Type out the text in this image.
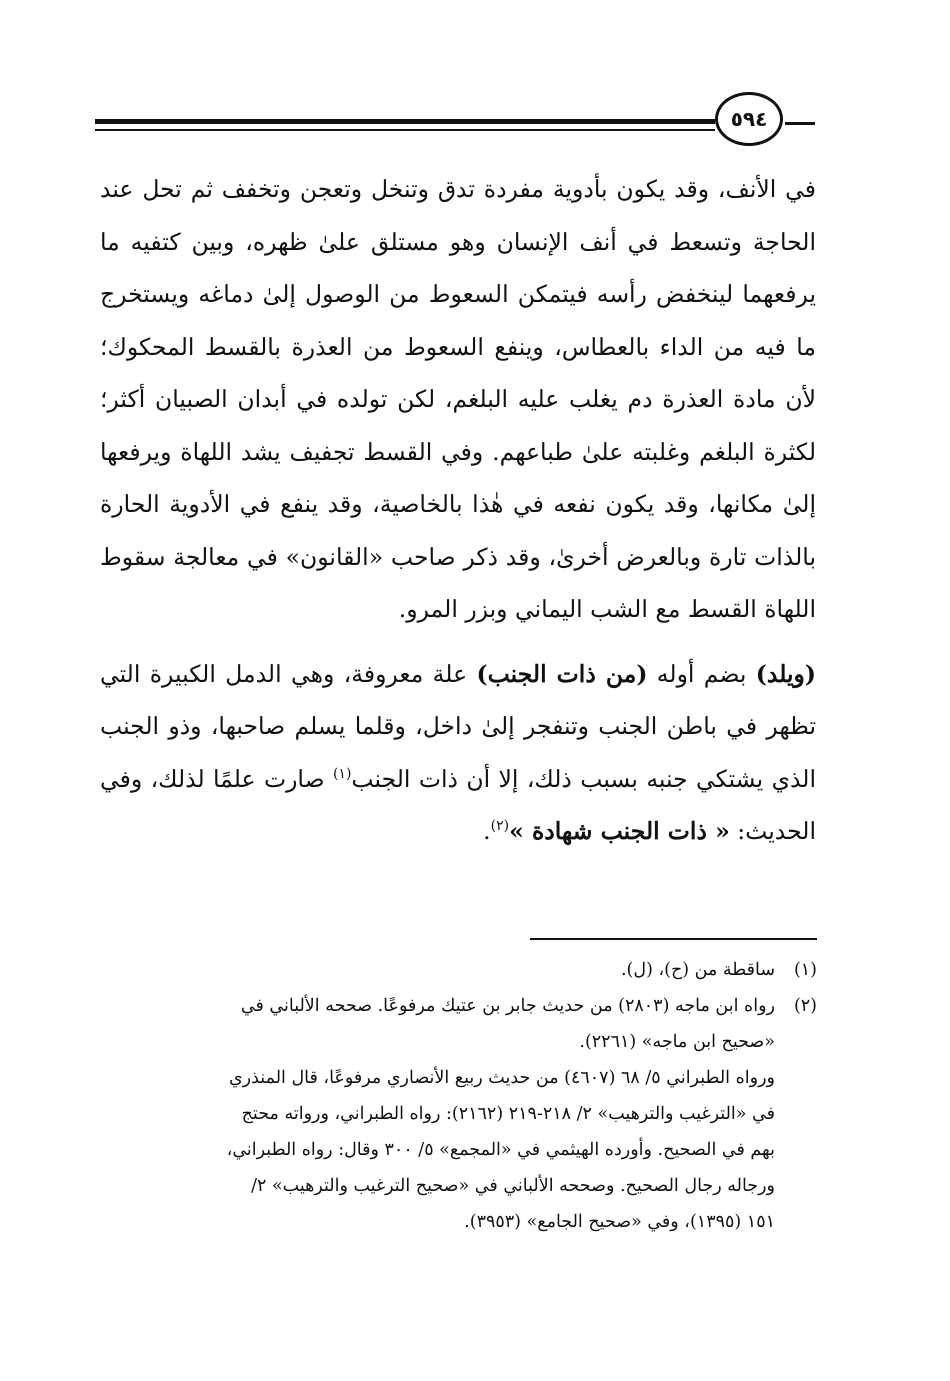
٥٩٤

في الأنف، وقد يكون بأدوية مفردة تدق وتنخل وتعجن وتخفف ثم تحل عند الحاجة وتسعط في أنف الإنسان وهو مستلق علىٰ ظهره، وبين كتفيه ما يرفعهما لينخفض رأسه فيتمكن السعوط من الوصول إلىٰ دماغه ويستخرج ما فيه من الداء بالعطاس، وينفع السعوط من العذرة بالقسط المحكوك؛ لأن مادة العذرة دم يغلب عليه البلغم، لكن تولده في أبدان الصبيان أكثر؛ لكثرة البلغم وغلبته علىٰ طباعهم. وفي القسط تجفيف يشد اللهاة ويرفعها إلىٰ مكانها، وقد يكون نفعه في هٰذا بالخاصية، وقد ينفع في الأدوية الحارة بالذات تارة وبالعرض أخرىٰ، وقد ذكر صاحب «القانون» في معالجة سقوط اللهاة القسط مع الشب اليماني وبزر المرو.

(ويلد) بضم أوله (من ذات الجنب) علة معروفة، وهي الدمل الكبيرة التي تظهر في باطن الجنب وتنفجر إلىٰ داخل، وقلما يسلم صاحبها، وذو الجنب الذي يشتكي جنبه بسبب ذلك، إلا أن ذات الجنب$^{(١)}$ صارت علمًا لذلك، وفي الحديث: « ذات الجنب شهادة »$^{(٢)}$.

(١)
ساقطة من (ح)، (ل).
(٢)
رواه ابن ماجه (٢٨٠٣) من حديث جابر بن عتيك مرفوعًا. صححه الألباني في
«صحيح ابن ماجه» (٢٢٦١).
ورواه الطبراني ٥/ ٦٨ (٤٦٠٧) من حديث ربيع الأنصاري مرفوعًا، قال المنذري
في «الترغيب والترهيب» ٢/ ٢١٨-٢١٩ (٢١٦٢): رواه الطبراني، ورواته محتج
بهم في الصحيح. وأورده الهيثمي في «المجمع» ٥/ ٣٠٠ وقال: رواه الطبراني،
ورجاله رجال الصحيح. وصححه الألباني في «صحيح الترغيب والترهيب» ٢/
١٥١ (١٣٩٥)، وفي «صحيح الجامع» (٣٩٥٣).
